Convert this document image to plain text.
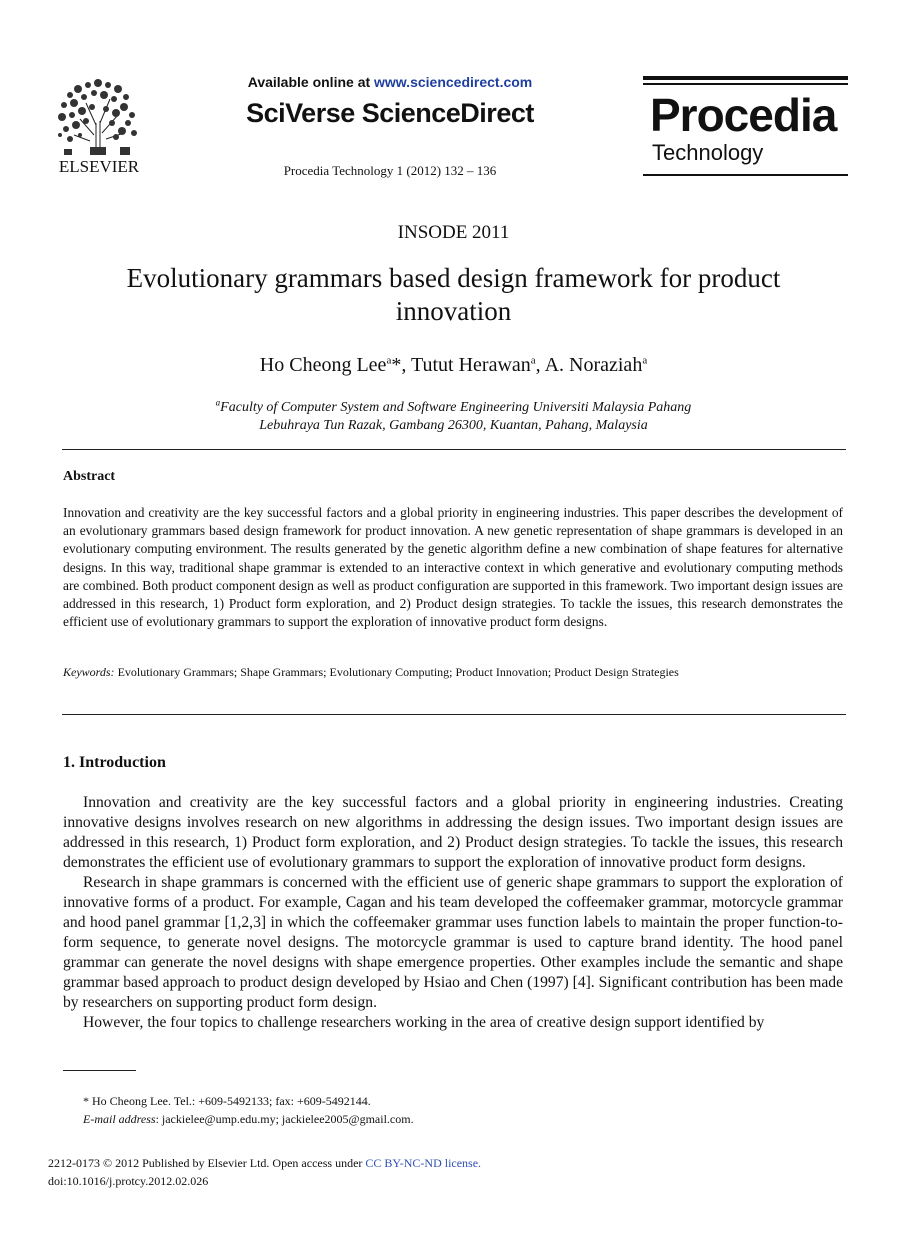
ELSEVIER
Available online at www.sciencedirect.com
SciVerse ScienceDirect
Procedia Technology 1 (2012) 132 – 136
Procedia
Technology
INSODE 2011
Evolutionary grammars based design framework for product innovation
Ho Cheong Lee$^a$*, Tutut Herawan$^a$, A. Noraziah$^a$
$^a$Faculty of Computer System and Software Engineering Universiti Malaysia Pahang
Lebuhraya Tun Razak, Gambang 26300, Kuantan, Pahang, Malaysia
Abstract
Innovation and creativity are the key successful factors and a global priority in engineering industries. This paper describes the development of an evolutionary grammars based design framework for product innovation. A new genetic representation of shape grammars is developed in an evolutionary computing environment. The results generated by the genetic algorithm define a new combination of shape features for alternative designs. In this way, traditional shape grammar is extended to an interactive context in which generative and evolutionary computing methods are combined. Both product component design as well as product configuration are supported in this framework. Two important design issues are addressed in this research, 1) Product form exploration, and 2) Product design strategies. To tackle the issues, this research demonstrates the efficient use of evolutionary grammars to support the exploration of innovative product form designs.
Keywords: Evolutionary Grammars; Shape Grammars; Evolutionary Computing; Product Innovation; Product Design Strategies
1. Introduction

Innovation and creativity are the key successful factors and a global priority in engineering industries. Creating innovative designs involves research on new algorithms in addressing the design issues. Two important design issues are addressed in this research, 1) Product form exploration, and 2) Product design strategies. To tackle the issues, this research demonstrates the efficient use of evolutionary grammars to support the exploration of innovative product form designs.

Research in shape grammars is concerned with the efficient use of generic shape grammars to support the exploration of innovative forms of a product. For example, Cagan and his team developed the coffeemaker grammar, motorcycle grammar and hood panel grammar [1,2,3] in which the coffeemaker grammar uses function labels to maintain the proper function-to-form sequence, to generate novel designs. The motorcycle grammar is used to capture brand identity. The hood panel grammar can generate the novel designs with shape emergence properties. Other examples include the semantic and shape grammar based approach to product design developed by Hsiao and Chen (1997) [4]. Significant contribution has been made by researchers on supporting product form design.

However, the four topics to challenge researchers working in the area of creative design support identified by

* Ho Cheong Lee. Tel.: +609-5492133; fax: +609-5492144.
E-mail address: jackielee@ump.edu.my; jackielee2005@gmail.com.
2212-0173 © 2012 Published by Elsevier Ltd. Open access under CC BY-NC-ND license.
doi:10.1016/j.protcy.2012.02.026
